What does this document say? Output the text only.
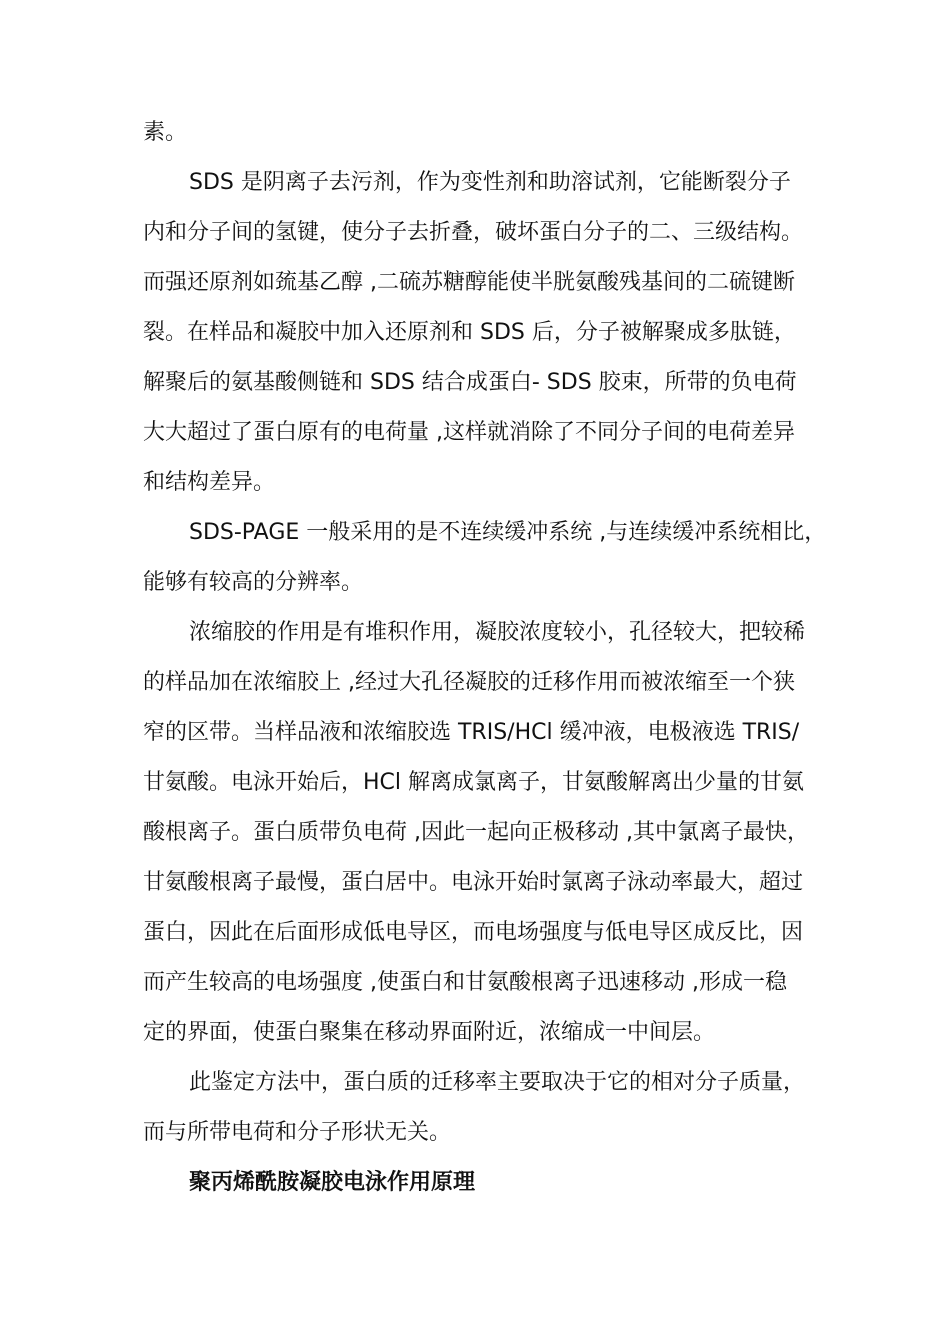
素。
SDS 是阴离子去污剂，作为变性剂和助溶试剂，它能断裂分子
内和分子间的氢键，使分子去折叠，破坏蛋白分子的二、三级结构。
而强还原剂如巯基乙醇 ,二硫苏糖醇能使半胱氨酸残基间的二硫键断
裂。在样品和凝胶中加入还原剂和 SDS 后，分子被解聚成多肽链，
解聚后的氨基酸侧链和 SDS 结合成蛋白- SDS 胶束，所带的负电荷
大大超过了蛋白原有的电荷量 ,这样就消除了不同分子间的电荷差异
和结构差异。
SDS-PAGE 一般采用的是不连续缓冲系统 ,与连续缓冲系统相比，
能够有较高的分辨率。
浓缩胶的作用是有堆积作用，凝胶浓度较小，孔径较大，把较稀
的样品加在浓缩胶上 ,经过大孔径凝胶的迁移作用而被浓缩至一个狭
窄的区带。当样品液和浓缩胶选 TRIS/HCl 缓冲液，电极液选 TRIS/
甘氨酸。电泳开始后，HCl 解离成氯离子，甘氨酸解离出少量的甘氨
酸根离子。蛋白质带负电荷 ,因此一起向正极移动 ,其中氯离子最快，
甘氨酸根离子最慢，蛋白居中。电泳开始时氯离子泳动率最大，超过
蛋白，因此在后面形成低电导区，而电场强度与低电导区成反比，因
而产生较高的电场强度 ,使蛋白和甘氨酸根离子迅速移动 ,形成一稳
定的界面，使蛋白聚集在移动界面附近，浓缩成一中间层。
此鉴定方法中，蛋白质的迁移率主要取决于它的相对分子质量，
而与所带电荷和分子形状无关。
聚丙烯酰胺凝胶电泳作用原理
